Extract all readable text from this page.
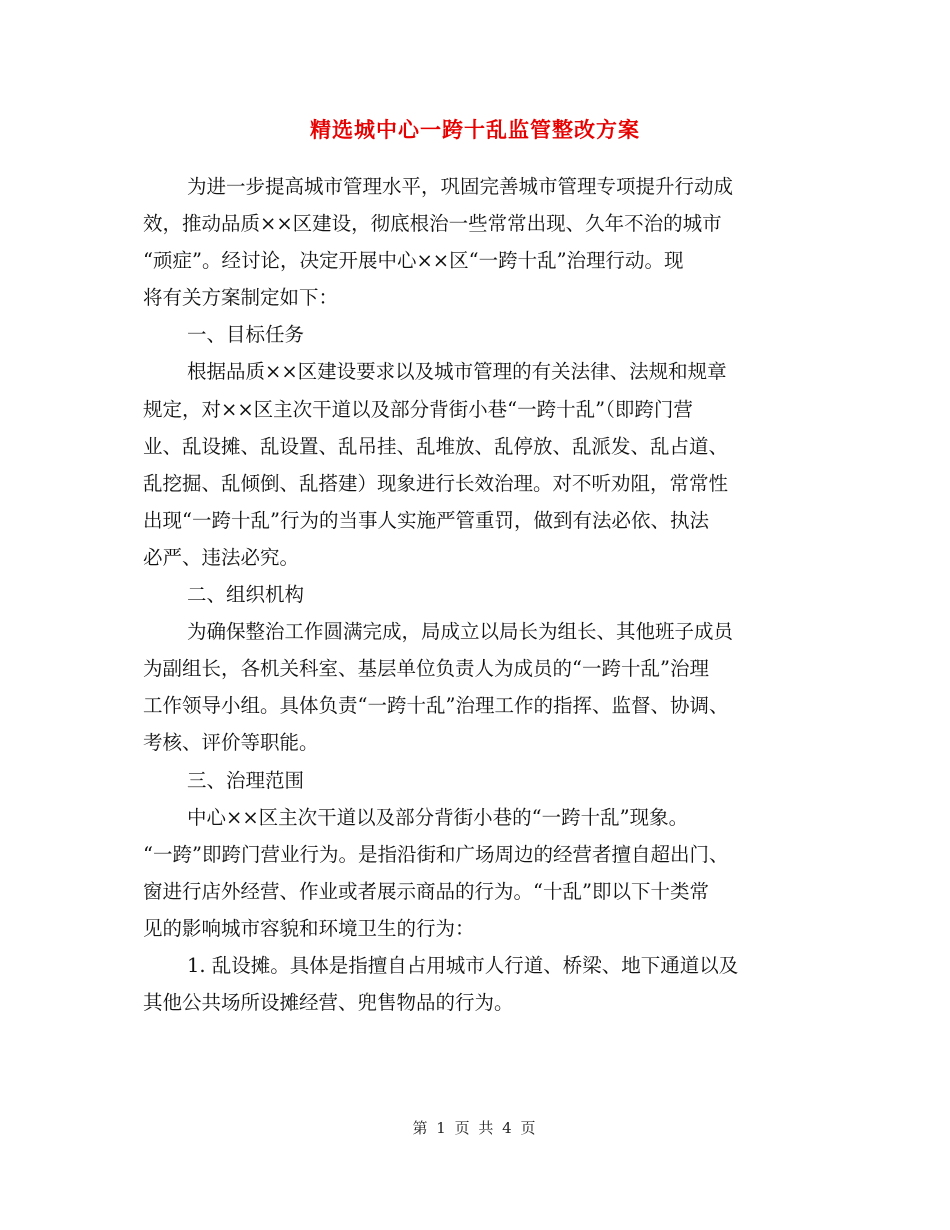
精选城中心一跨十乱监管整改方案
为进一步提高城市管理水平，巩固完善城市管理专项提升行动成
效，推动品质××区建设，彻底根治一些常常出现、久年不治的城市
“顽症”。经讨论，决定开展中心××区“一跨十乱”治理行动。现
将有关方案制定如下：
一、目标任务
根据品质××区建设要求以及城市管理的有关法律、法规和规章
规定，对××区主次干道以及部分背街小巷“一跨十乱”（即跨门营
业、乱设摊、乱设置、乱吊挂、乱堆放、乱停放、乱派发、乱占道、
乱挖掘、乱倾倒、乱搭建）现象进行长效治理。对不听劝阻，常常性
出现“一跨十乱”行为的当事人实施严管重罚，做到有法必依、执法
必严、违法必究。
二、组织机构
为确保整治工作圆满完成，局成立以局长为组长、其他班子成员
为副组长，各机关科室、基层单位负责人为成员的“一跨十乱”治理
工作领导小组。具体负责“一跨十乱”治理工作的指挥、监督、协调、
考核、评价等职能。
三、治理范围
中心××区主次干道以及部分背街小巷的“一跨十乱”现象。
“一跨”即跨门营业行为。是指沿街和广场周边的经营者擅自超出门、
窗进行店外经营、作业或者展示商品的行为。“十乱”即以下十类常
见的影响城市容貌和环境卫生的行为：
1. 乱设摊。具体是指擅自占用城市人行道、桥梁、地下通道以及
其他公共场所设摊经营、兜售物品的行为。
第 1 页 共 4 页
